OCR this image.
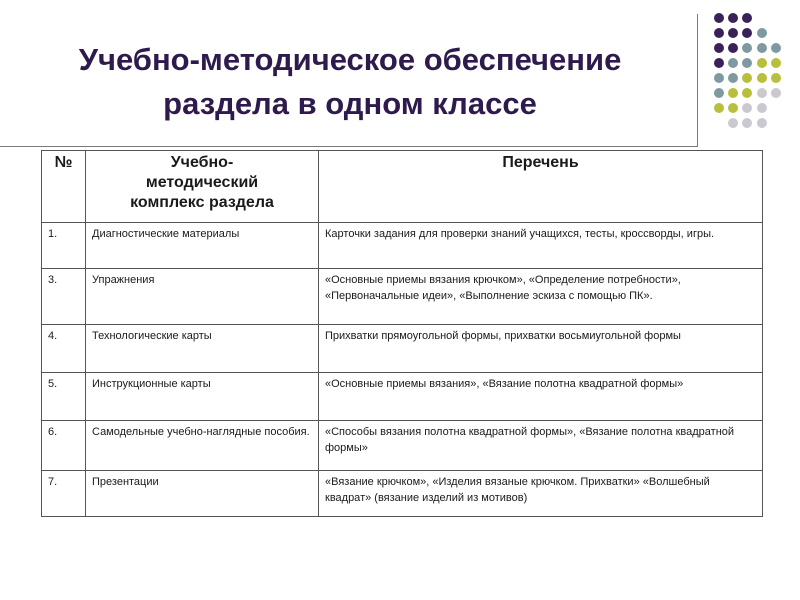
Учебно-методическое обеспечение
раздела в одном классе
№	Учебно-
методический
комплекс раздела	Перечень
1.	Диагностические материалы	Карточки задания для проверки знаний учащихся, тесты, кроссворды, игры.
3.	Упражнения	«Основные приемы вязания крючком», «Определение потребности», «Первоначальные идеи», «Выполнение эскиза с помощью ПК».
4.	Технологические карты	Прихватки прямоугольной формы, прихватки восьмиугольной формы
5.	Инструкционные карты	«Основные приемы вязания», «Вязание полотна квадратной формы»
6.	Самодельные учебно-наглядные пособия.	«Способы вязания полотна квадратной формы», «Вязание полотна квадратной формы»
7.	Презентации	«Вязание крючком», «Изделия вязаные крючком. Прихватки» «Волшебный квадрат» (вязание изделий из мотивов)
